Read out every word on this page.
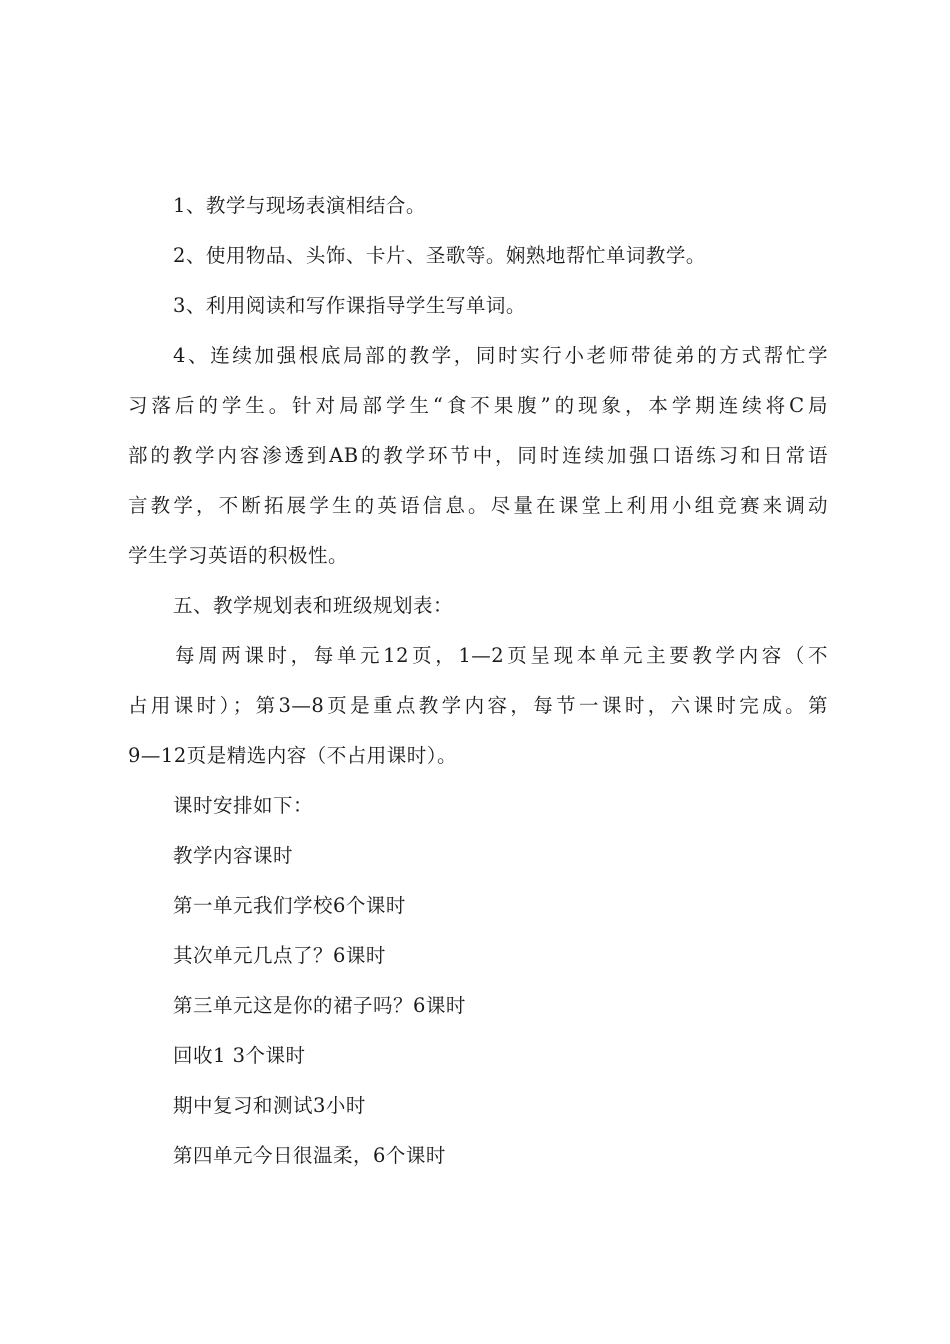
1、教学与现场表演相结合。
2、使用物品、头饰、卡片、圣歌等。娴熟地帮忙单词教学。
3、利用阅读和写作课指导学生写单词。
4、连续加强根底局部的教学，同时实行小老师带徒弟的方式帮忙学
习落后的学生。针对局部学生“食不果腹”的现象，本学期连续将C局
部的教学内容渗透到AB的教学环节中，同时连续加强口语练习和日常语
言教学，不断拓展学生的英语信息。尽量在课堂上利用小组竞赛来调动
学生学习英语的积极性。
五、教学规划表和班级规划表：
每周两课时，每单元12页，1—2页呈现本单元主要教学内容（不
占用课时）；第3—8页是重点教学内容，每节一课时，六课时完成。第
9—12页是精选内容（不占用课时）。
课时安排如下：
教学内容课时
第一单元我们学校6个课时
其次单元几点了？6课时
第三单元这是你的裙子吗？6课时
回收1 3个课时
期中复习和测试3小时
第四单元今日很温柔，6个课时
